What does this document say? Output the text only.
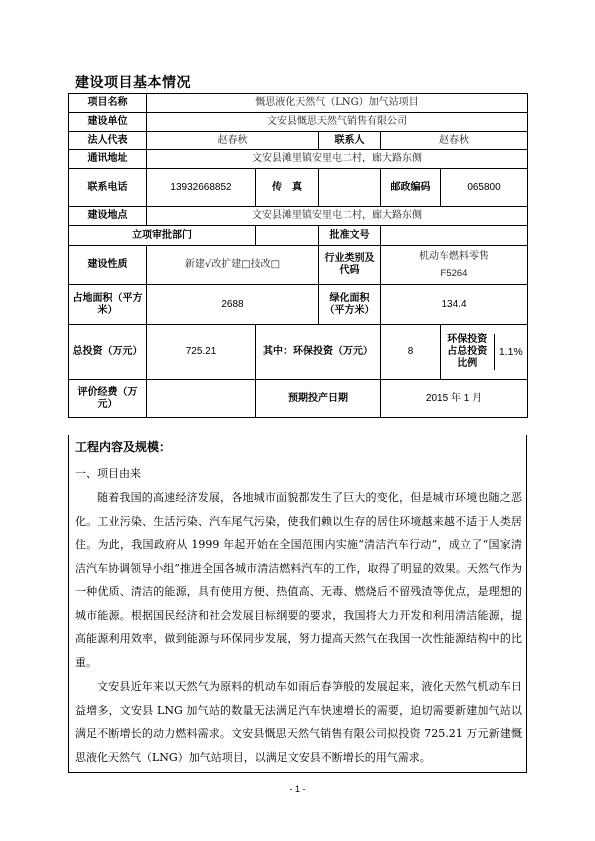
建设项目基本情况
项目名称	慨思液化天然气（LNG）加气站项目				
建设单位	文安县慨思天然气销售有限公司				
法人代表	赵春秋		联系人	赵春秋	
通讯地址	文安县滩里镇安里屯二村，廊大路东侧				
联系电话	13932668852	传　真		邮政编码	065800
建设地点	文安县滩里镇安里屯二村，廊大路东侧				
立项审批部门			批准文号		
建设性质	新建√改扩建□技改□		行业类别及代码	机动车燃料零售
F5264	

占地面积（平方米）	2688		绿化面积（平方米）	134.4	
总投资（万元）	725.21	其中：环保投资（万元）		8	环保投资占总投资比例
1.1%

评价经费（万元）		预期投产日期		2015 年 1 月	
工程内容及规模：
一、项目由来

随着我国的高速经济发展，各地城市面貌都发生了巨大的变化，但是城市环境也随之恶化。工业污染、生活污染、汽车尾气污染，使我们赖以生存的居住环境越来越不适于人类居住。为此，我国政府从 1999 年起开始在全国范围内实施“清洁汽车行动”，成立了“国家清洁汽车协调领导小组”推进全国各城市清洁燃料汽车的工作，取得了明显的效果。天然气作为一种优质、清洁的能源，具有使用方便、热值高、无毒、燃烧后不留残渣等优点，是理想的城市能源。根据国民经济和社会发展目标纲要的要求，我国将大力开发和利用清洁能源，提高能源利用效率，做到能源与环保同步发展，努力提高天然气在我国一次性能源结构中的比重。

文安县近年来以天然气为原料的机动车如雨后春笋般的发展起来，液化天然气机动车日益增多，文安县 LNG 加气站的数量无法满足汽车快速增长的需要，迫切需要新建加气站以满足不断增长的动力燃料需求。文安县慨思天然气销售有限公司拟投资 725.21 万元新建慨思液化天然气（LNG）加气站项目，以满足文安县不断增长的用气需求。

- 1 -
